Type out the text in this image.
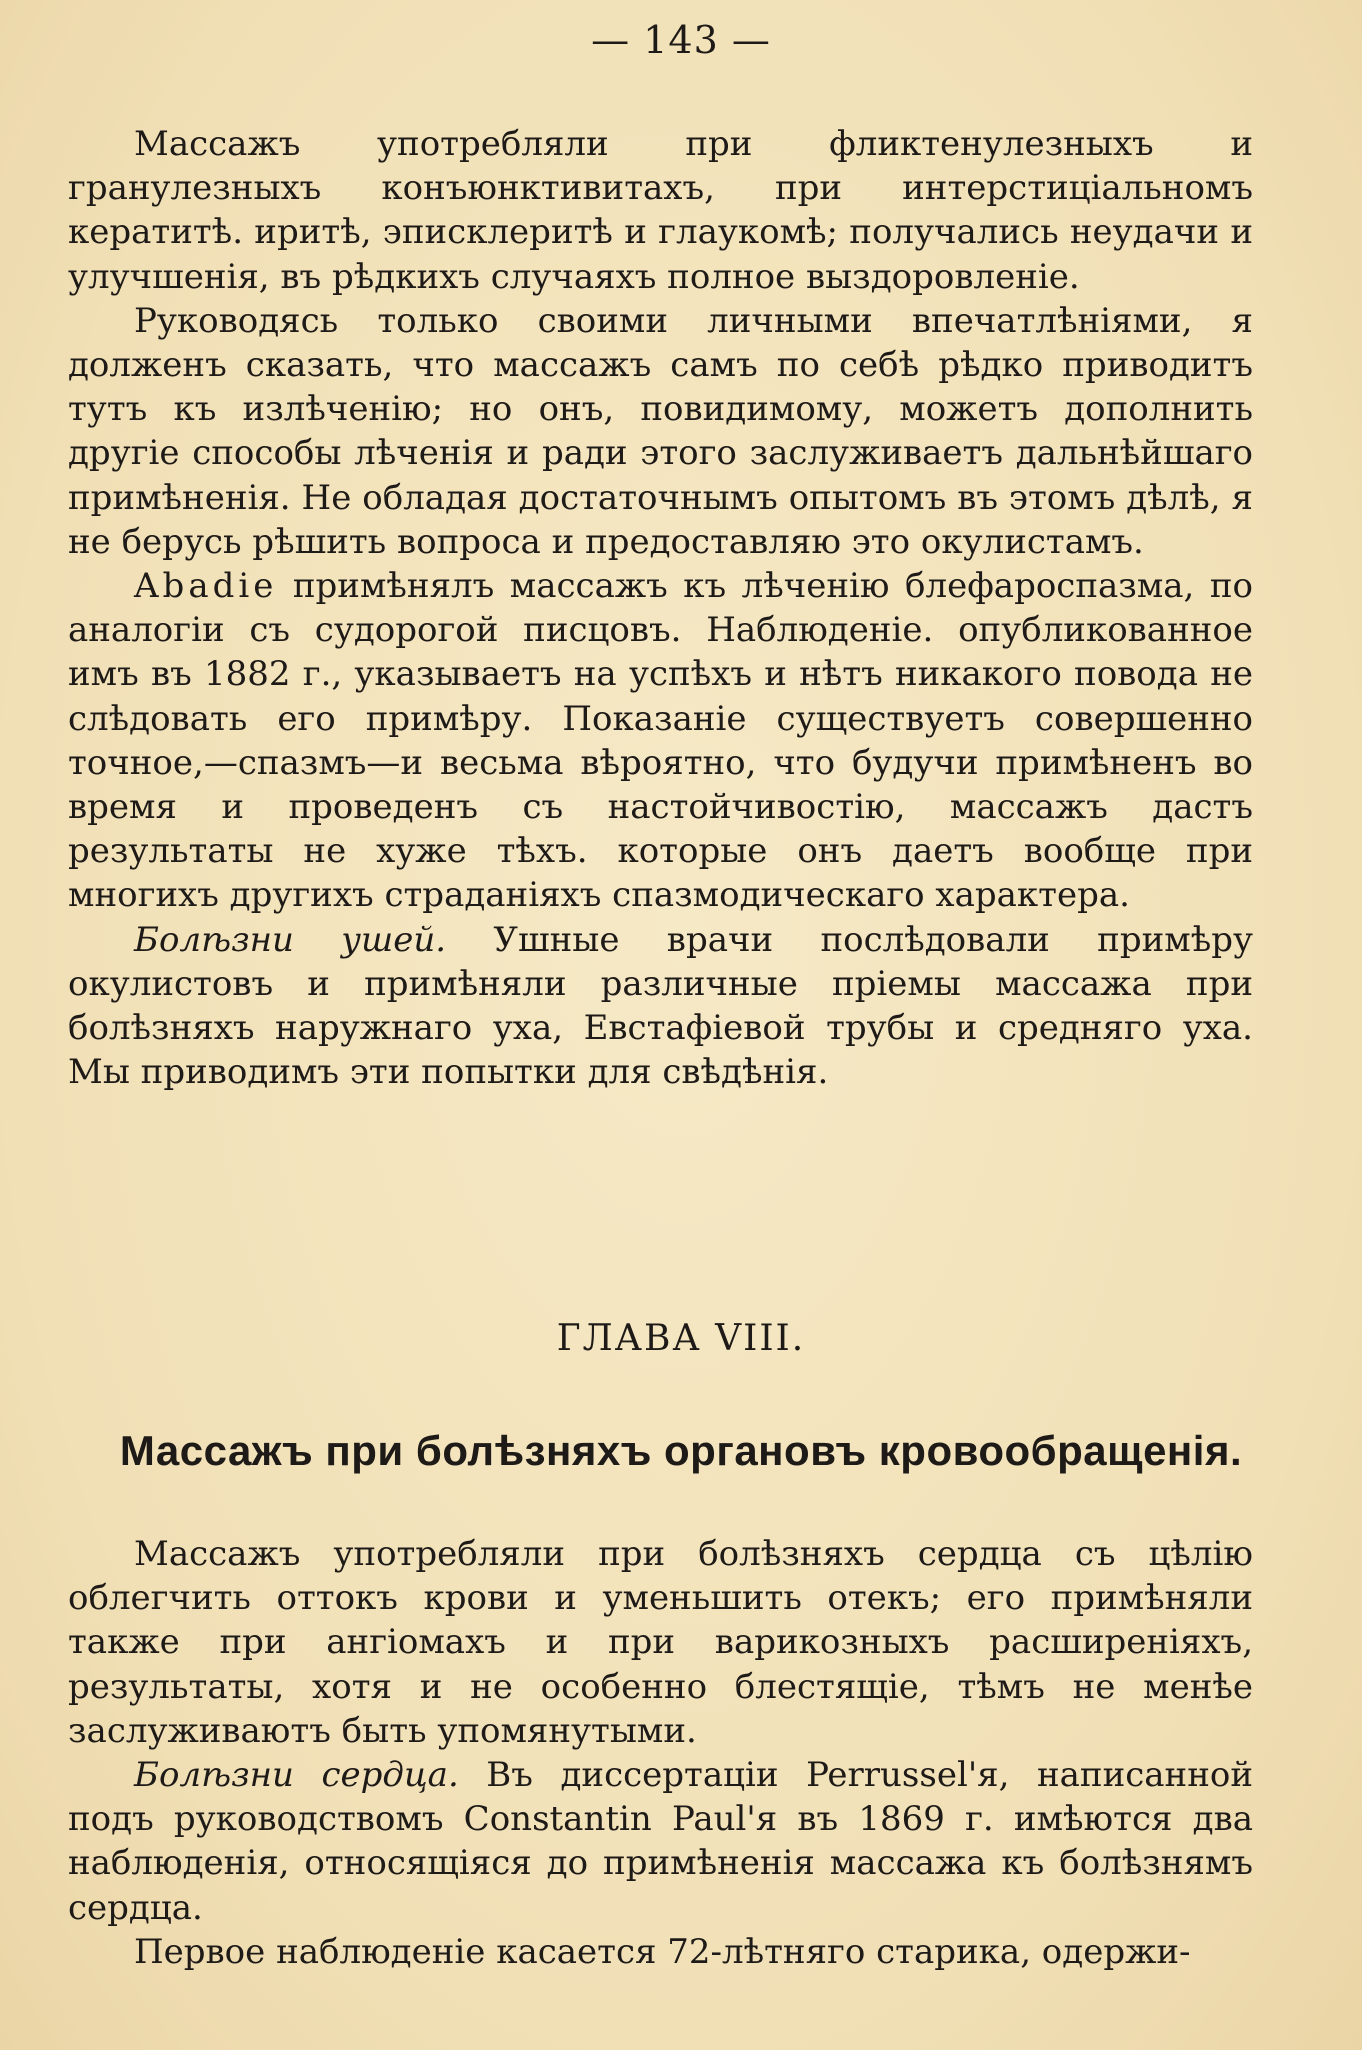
— 143 —

Массажъ употребляли при фликтенулезныхъ и гранулезныхъ конъюнктивитахъ, при интерстиціальномъ кератитѣ. иритѣ, эписклеритѣ и глаукомѣ; получались неудачи и улучшенія, въ рѣдкихъ случаяхъ полное выздоровленіе.

Руководясь только своими личными впечатлѣніями, я долженъ сказать, что массажъ самъ по себѣ рѣдко приводитъ тутъ къ излѣченію; но онъ, повидимому, можетъ дополнить другіе способы лѣченія и ради этого заслуживаетъ дальнѣйшаго примѣненія. Не обладая достаточнымъ опытомъ въ этомъ дѣлѣ, я не берусь рѣшить вопроса и предоставляю это окулистамъ.

Abadie примѣнялъ массажъ къ лѣченію блефароспазма, по аналогіи съ судорогой писцовъ. Наблюденіе. опубликованное имъ въ 1882 г., указываетъ на успѣхъ и нѣтъ никакого повода не слѣдовать его примѣру. Показаніе существуетъ совершенно точное,—спазмъ—и весьма вѣроятно, что будучи примѣненъ во время и проведенъ съ настойчивостію, массажъ дастъ результаты не хуже тѣхъ. которые онъ даетъ вообще при многихъ другихъ страданіяхъ спазмодическаго характера.

Болѣзни ушей. Ушные врачи послѣдовали примѣру окулистовъ и примѣняли различные пріемы массажа при болѣзняхъ наружнаго уха, Евстафіевой трубы и средняго уха. Мы приводимъ эти попытки для свѣдѣнія.

ГЛАВА VIII.
Массажъ при болѣзняхъ органовъ кровообращенія.

Массажъ употребляли при болѣзняхъ сердца съ цѣлію облегчить оттокъ крови и уменьшить отекъ; его примѣняли также при ангіомахъ и при варикозныхъ расширеніяхъ, результаты, хотя и не особенно блестящіе, тѣмъ не менѣе заслуживаютъ быть упомянутыми.

Болѣзни сердца. Въ диссертаціи Perrussel'я, написанной подъ руководствомъ Constantin Paul'я въ 1869 г. имѣются два наблюденія, относящіяся до примѣненія массажа къ болѣзнямъ сердца.

Первое наблюденіе касается 72-лѣтняго старика, одержи-
